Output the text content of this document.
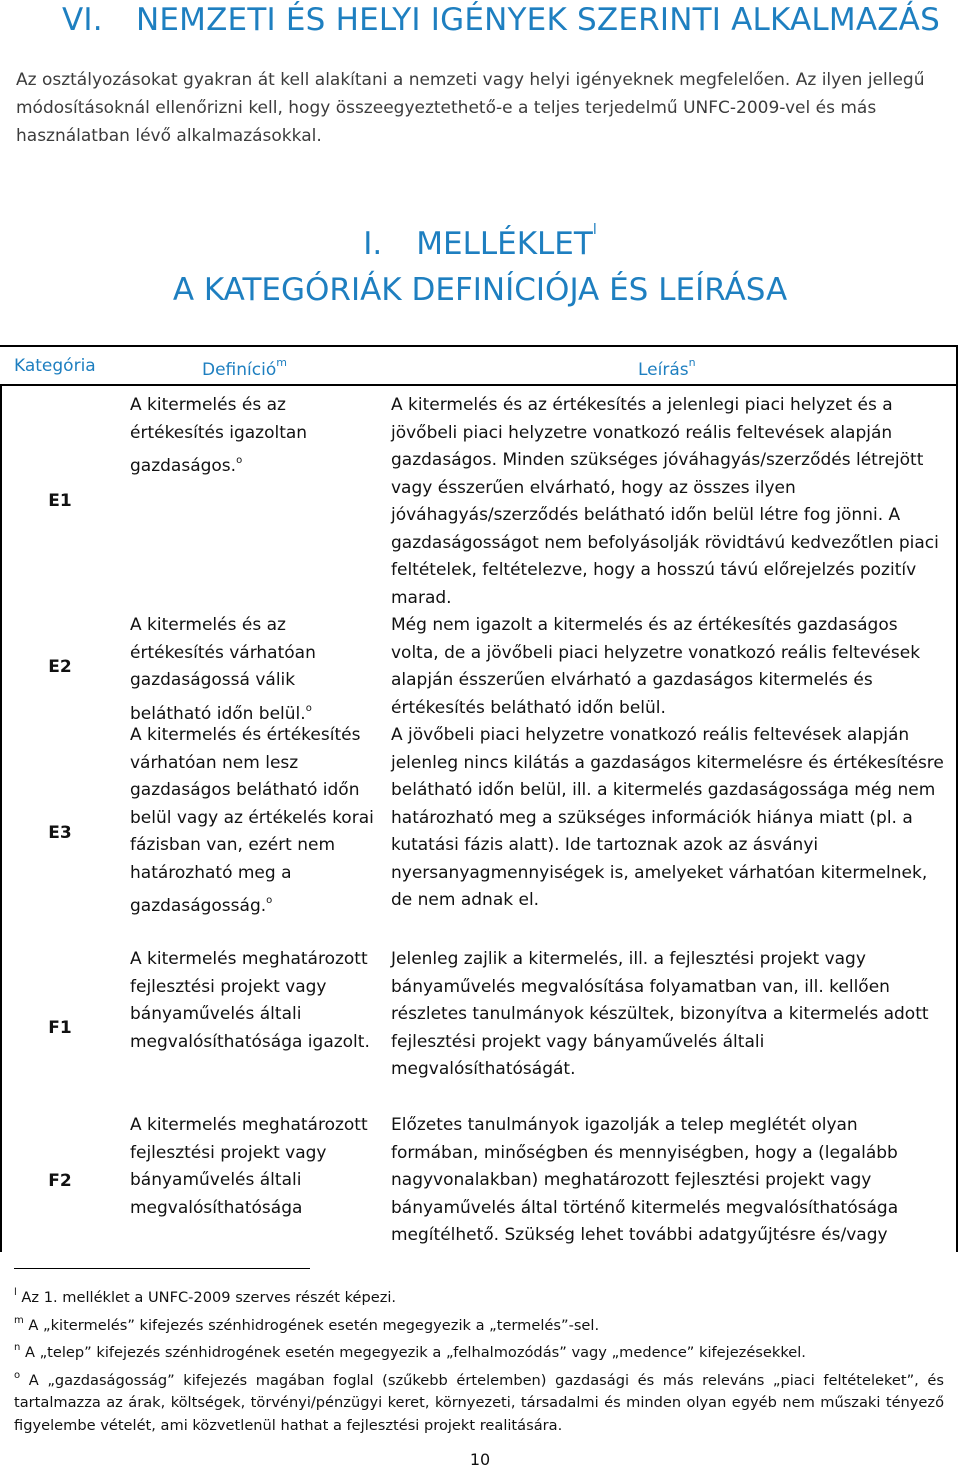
VI. NEMZETI ÉS HELYI IGÉNYEK SZERINTI ALKALMAZÁS
Az osztályozásokat gyakran át kell alakítani a nemzeti vagy helyi igényeknek megfelelően. Az ilyen jellegű módosításoknál ellenőrizni kell, hogy összeegyeztethető-e a teljes terjedelmű UNFC-2009-vel és más használatban lévő alkalmazásokkal.
I. MELLÉKLET$^l$
A KATEGÓRIÁK DEFINÍCIÓJA ÉS LEÍRÁSA
Kategória	Definíció$^m$	Leírás$^n$
E1
A kitermelés és az értékesítés igazoltan gazdaságos.$^o$
A kitermelés és az értékesítés a jelenlegi piaci helyzet és a jövőbeli piaci helyzetre vonatkozó reális feltevések alapján gazdaságos. Minden szükséges jóváhagyás/szerződés létrejött vagy ésszerűen elvárható, hogy az összes ilyen jóváhagyás/szerződés belátható időn belül létre fog jönni. A gazdaságosságot nem befolyásolják rövidtávú kedvezőtlen piaci feltételek, feltételezve, hogy a hosszú távú előrejelzés pozitív marad.
E2
A kitermelés és az értékesítés várhatóan gazdaságossá válik belátható időn belül.$^o$
Még nem igazolt a kitermelés és az értékesítés gazdaságos volta, de a jövőbeli piaci helyzetre vonatkozó reális feltevések alapján ésszerűen elvárható a gazdaságos kitermelés és értékesítés belátható időn belül.
E3
A kitermelés és értékesítés várhatóan nem lesz gazdaságos belátható időn belül vagy az értékelés korai fázisban van, ezért nem határozható meg a gazdaságosság.$^o$
A jövőbeli piaci helyzetre vonatkozó reális feltevések alapján jelenleg nincs kilátás a gazdaságos kitermelésre és értékesítésre belátható időn belül, ill. a kitermelés gazdaságossága még nem határozható meg a szükséges információk hiánya miatt (pl. a kutatási fázis alatt). Ide tartoznak azok az ásványi nyersanyagmennyiségek is, amelyeket várhatóan kitermelnek, de nem adnak el.
F1
A kitermelés meghatározott fejlesztési projekt vagy bányaművelés általi megvalósíthatósága igazolt.
Jelenleg zajlik a kitermelés, ill. a fejlesztési projekt vagy bányaművelés megvalósítása folyamatban van, ill. kellően részletes tanulmányok készültek, bizonyítva a kitermelés adott fejlesztési projekt vagy bányaművelés általi megvalósíthatóságát.
F2
A kitermelés meghatározott fejlesztési projekt vagy bányaművelés általi megvalósíthatósága
Előzetes tanulmányok igazolják a telep meglétét olyan formában, minőségben és mennyiségben, hogy a (legalább nagyvonalakban) meghatározott fejlesztési projekt vagy bányaművelés által történő kitermelés megvalósíthatósága megítélhető. Szükség lehet további adatgyűjtésre és/vagy

$^l$ Az 1. melléklet a UNFC-2009 szerves részét képezi.

$^m$ A „kitermelés” kifejezés szénhidrogének esetén megegyezik a „termelés”-sel.

$^n$ A „telep” kifejezés szénhidrogének esetén megegyezik a „felhalmozódás” vagy „medence” kifejezésekkel.

$^o$ A „gazdaságosság” kifejezés magában foglal (szűkebb értelemben) gazdasági és más releváns „piaci feltételeket”, és tartalmazza az árak, költségek, törvényi/pénzügyi keret, környezeti, társadalmi és minden olyan egyéb nem műszaki tényező figyelembe vételét, ami közvetlenül hathat a fejlesztési projekt realitására.

10
